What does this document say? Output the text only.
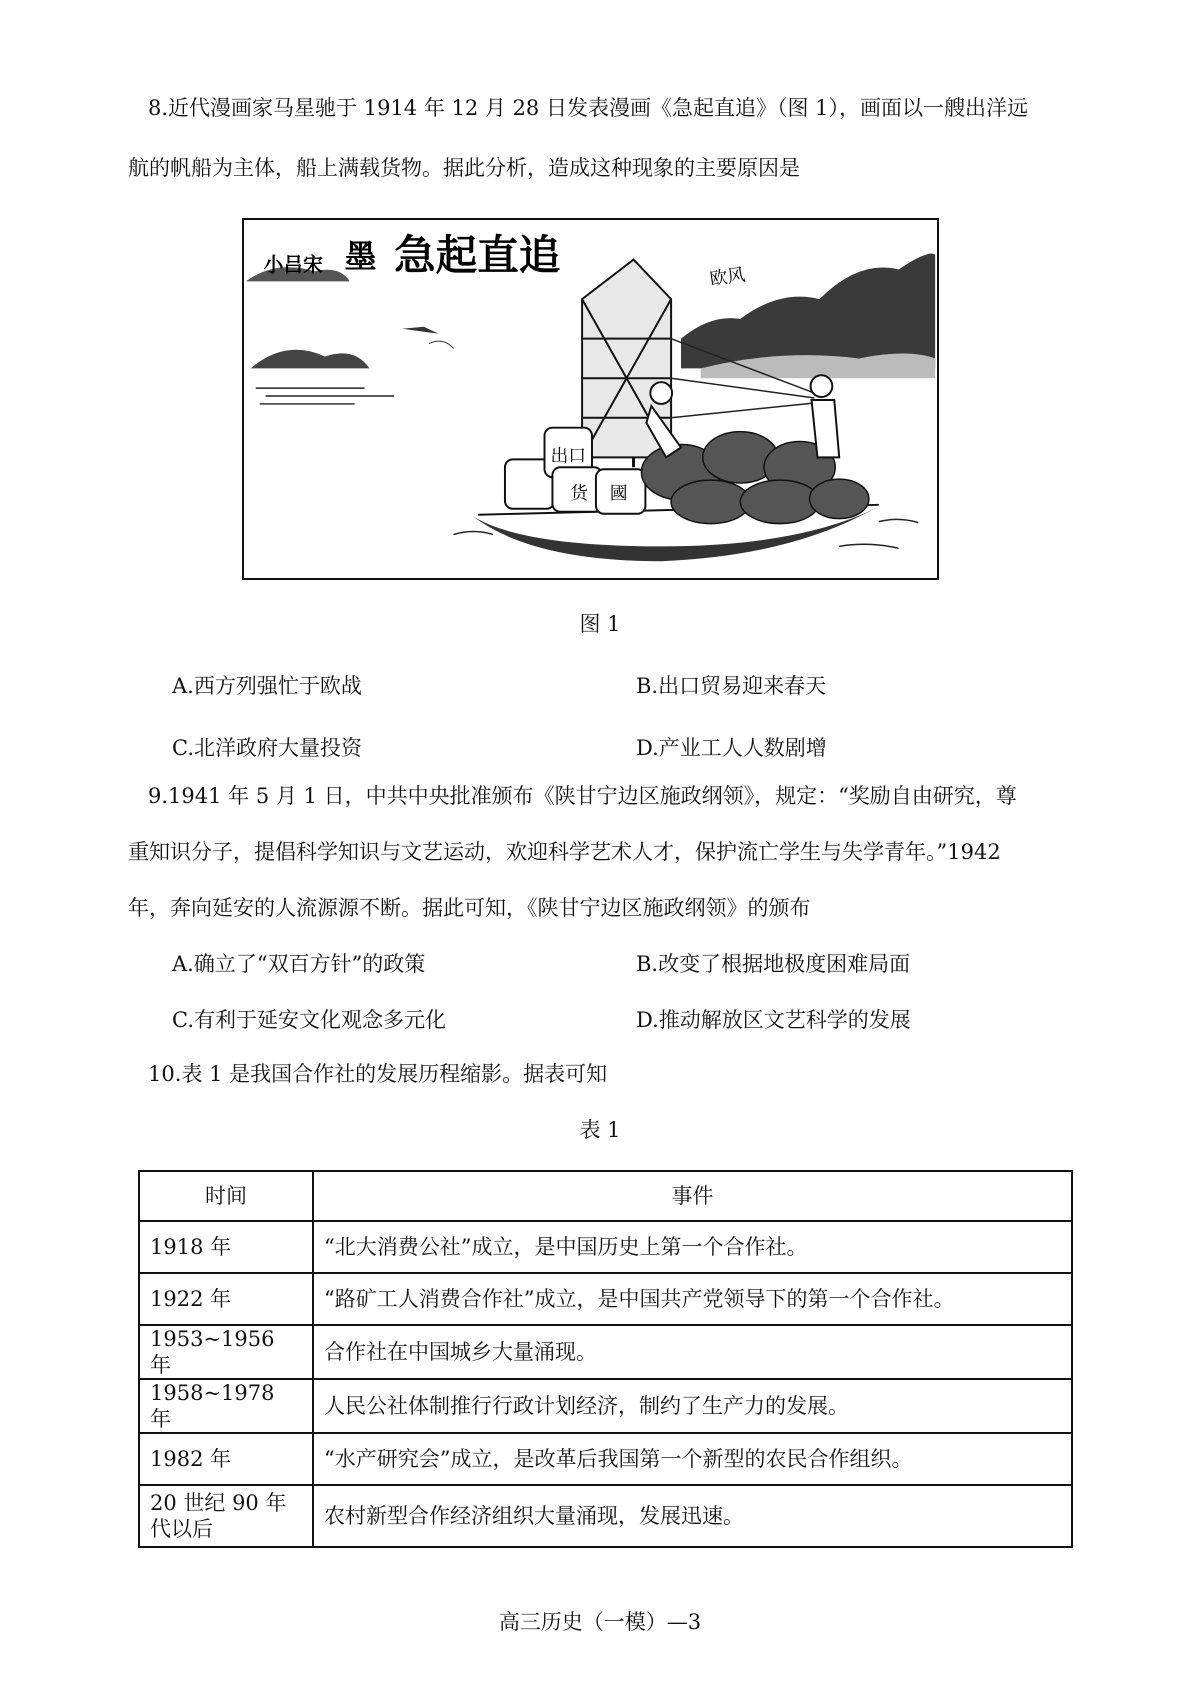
8.近代漫画家马星驰于 1914 年 12 月 28 日发表漫画《急起直追》（图 1），画面以一艘出洋远
航的帆船为主体，船上满载货物。据此分析，造成这种现象的主要原因是
急起直追
小吕宋 墨
欧风
出口
货 國
图 1
A.西方列强忙于欧战	B.出口贸易迎来春天
C.北洋政府大量投资	D.产业工人人数剧增
9.1941 年 5 月 1 日，中共中央批准颁布《陕甘宁边区施政纲领》，规定：“奖励自由研究，尊
重知识分子，提倡科学知识与文艺运动，欢迎科学艺术人才，保护流亡学生与失学青年。”1942
年，奔向延安的人流源源不断。据此可知，《陕甘宁边区施政纲领》的颁布
A.确立了“双百方针”的政策	B.改变了根据地极度困难局面
C.有利于延安文化观念多元化	D.推动解放区文艺科学的发展
10.表 1 是我国合作社的发展历程缩影。据表可知
表 1
时间	事件
1918 年	“北大消费公社”成立，是中国历史上第一个合作社。
1922 年	“路矿工人消费合作社”成立，是中国共产党领导下的第一个合作社。
1953~1956 年	合作社在中国城乡大量涌现。
1958~1978 年	人民公社体制推行行政计划经济，制约了生产力的发展。
1982 年	“水产研究会”成立，是改革后我国第一个新型的农民合作组织。
20 世纪 90 年代以后	农村新型合作经济组织大量涌现，发展迅速。
高三历史（一模）—3
